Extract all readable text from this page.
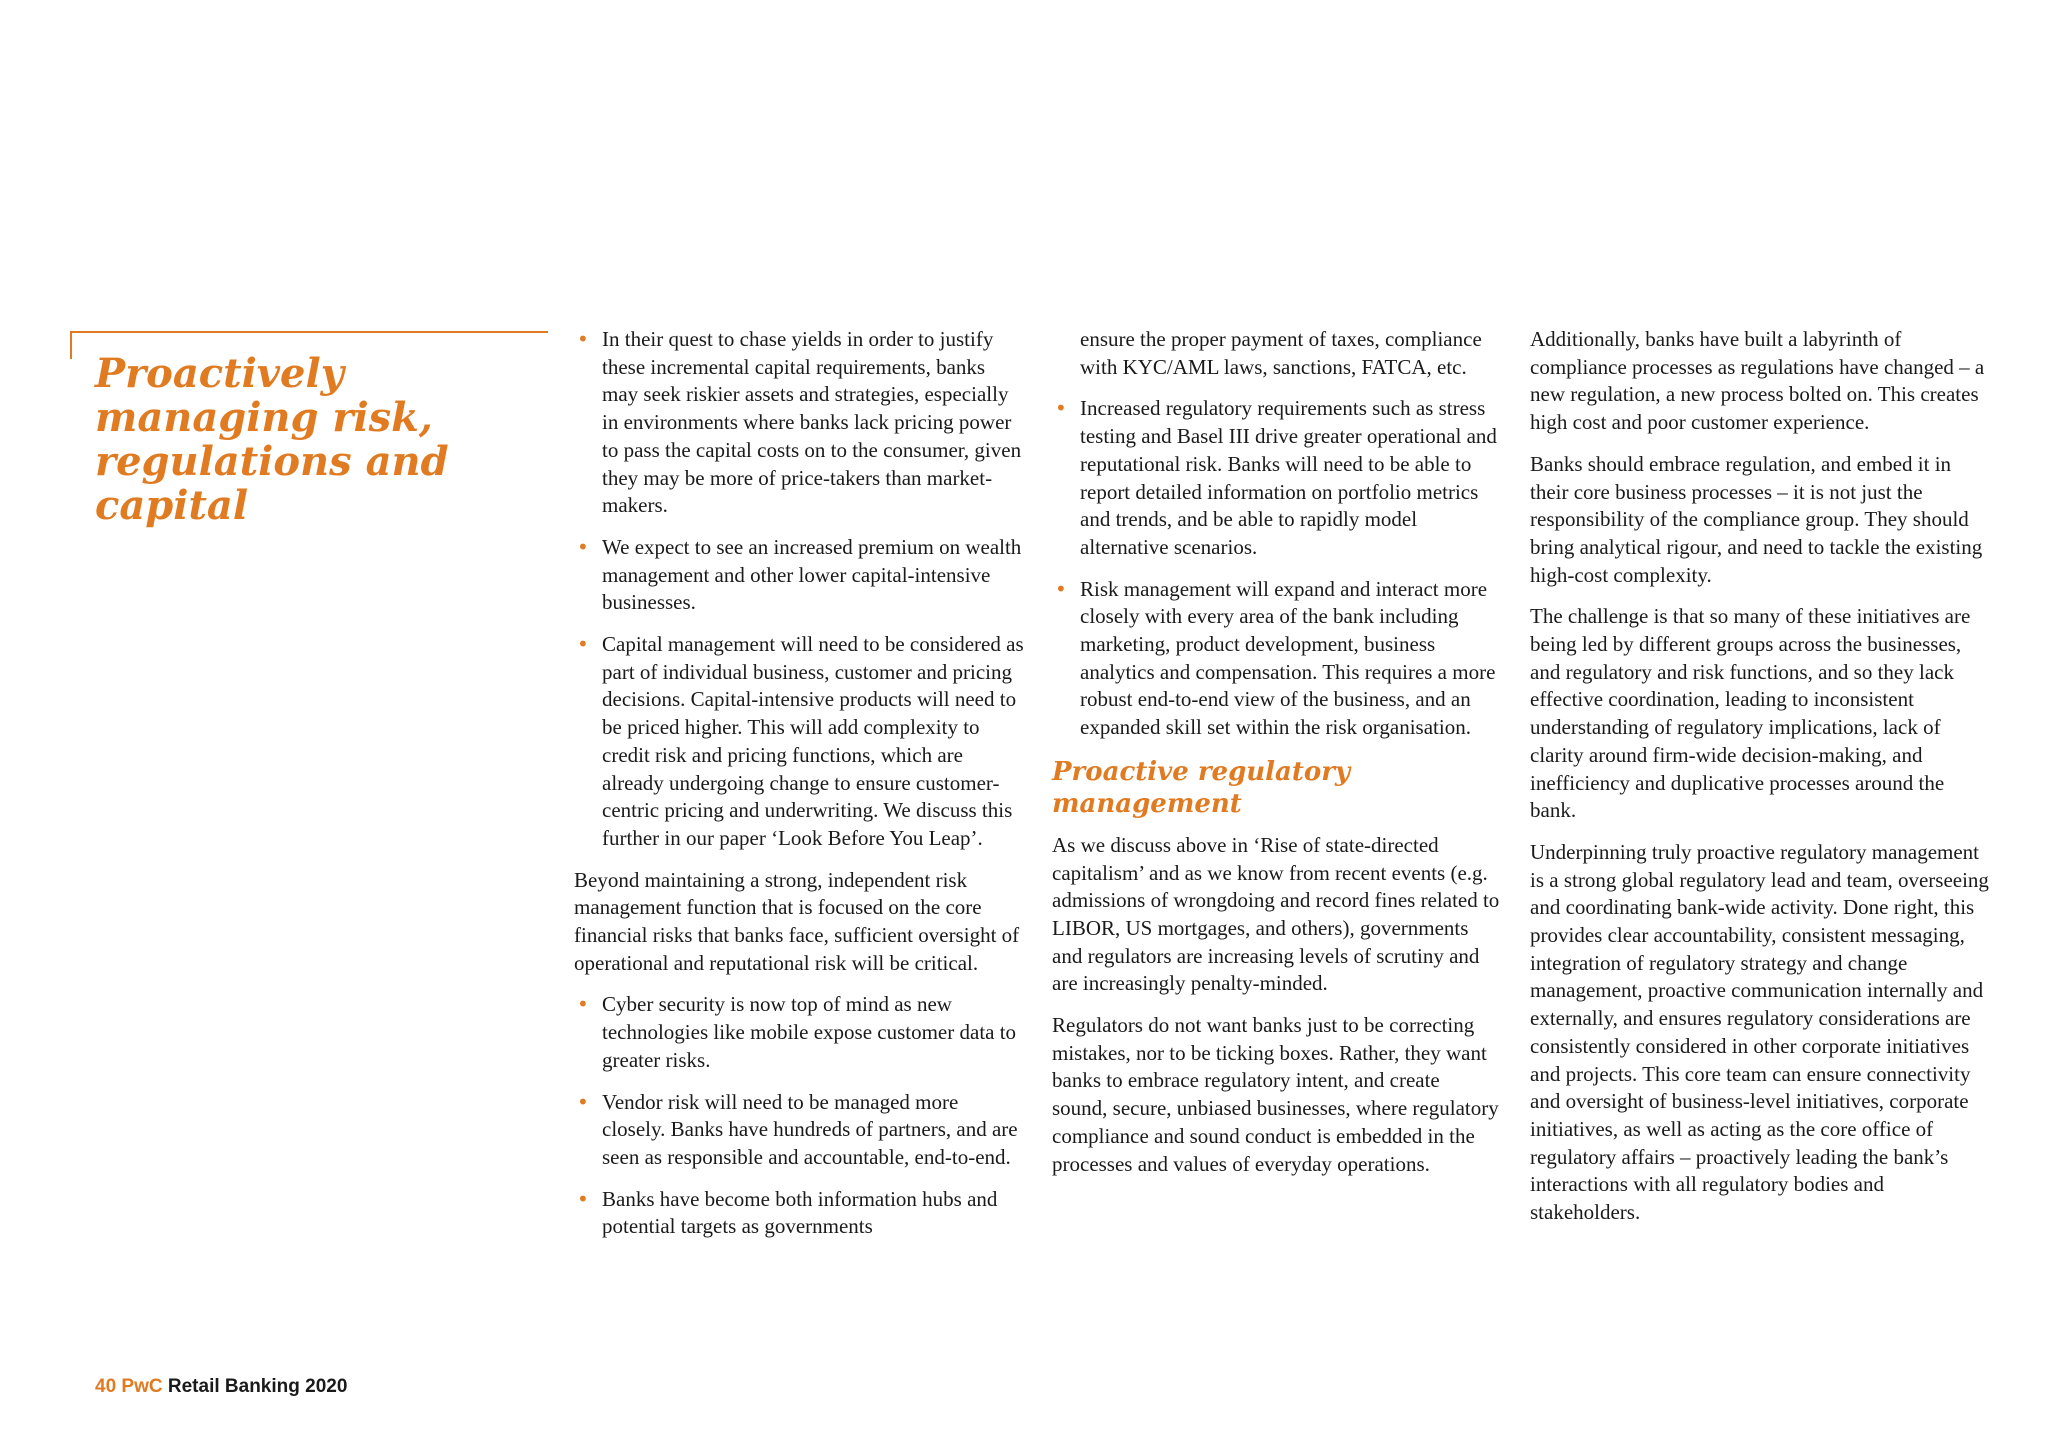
Proactively managing risk, regulations and capital
• In their quest to chase yields in order to justify these incremental capital requirements, banks may seek riskier assets and strategies, especially in environments where banks lack pricing power to pass the capital costs on to the consumer, given they may be more of price-takers than market-makers.
• We expect to see an increased premium on wealth management and other lower capital-intensive businesses.
• Capital management will need to be considered as part of individual business, customer and pricing decisions. Capital-intensive products will need to be priced higher. This will add complexity to credit risk and pricing functions, which are already undergoing change to ensure customer-centric pricing and underwriting. We discuss this further in our paper ‘Look Before You Leap’.

Beyond maintaining a strong, independent risk management function that is focused on the core financial risks that banks face, sufficient oversight of operational and reputational risk will be critical.

• Cyber security is now top of mind as new technologies like mobile expose customer data to greater risks.
• Vendor risk will need to be managed more closely. Banks have hundreds of partners, and are seen as responsible and accountable, end-to-end.
• Banks have become both information hubs and potential targets as governments

ensure the proper payment of taxes, compliance with KYC/AML laws, sanctions, FATCA, etc.

• Increased regulatory requirements such as stress testing and Basel III drive greater operational and reputational risk. Banks will need to be able to report detailed information on portfolio metrics and trends, and be able to rapidly model alternative scenarios.
• Risk management will expand and interact more closely with every area of the bank including marketing, product development, business analytics and compensation. This requires a more robust end-to-end view of the business, and an expanded skill set within the risk organisation.
Proactive regulatory management

As we discuss above in ‘Rise of state-directed capitalism’ and as we know from recent events (e.g. admissions of wrongdoing and record fines related to LIBOR, US mortgages, and others), governments and regulators are increasing levels of scrutiny and are increasingly penalty-minded.

Regulators do not want banks just to be correcting mistakes, nor to be ticking boxes. Rather, they want banks to embrace regulatory intent, and create sound, secure, unbiased businesses, where regulatory compliance and sound conduct is embedded in the processes and values of everyday operations.

Additionally, banks have built a labyrinth of compliance processes as regulations have changed – a new regulation, a new process bolted on. This creates high cost and poor customer experience.

Banks should embrace regulation, and embed it in their core business processes – it is not just the responsibility of the compliance group. They should bring analytical rigour, and need to tackle the existing high-cost complexity.

The challenge is that so many of these initiatives are being led by different groups across the businesses, and regulatory and risk functions, and so they lack effective coordination, leading to inconsistent understanding of regulatory implications, lack of clarity around firm-wide decision-making, and inefficiency and duplicative processes around the bank.

Underpinning truly proactive regulatory management is a strong global regulatory lead and team, overseeing and coordinating bank-wide activity. Done right, this provides clear accountability, consistent messaging, integration of regulatory strategy and change management, proactive communication internally and externally, and ensures regulatory considerations are consistently considered in other corporate initiatives and projects. This core team can ensure connectivity and oversight of business-level initiatives, corporate initiatives, as well as acting as the core office of regulatory affairs – proactively leading the bank’s interactions with all regulatory bodies and stakeholders.

40 PwC Retail Banking 2020
